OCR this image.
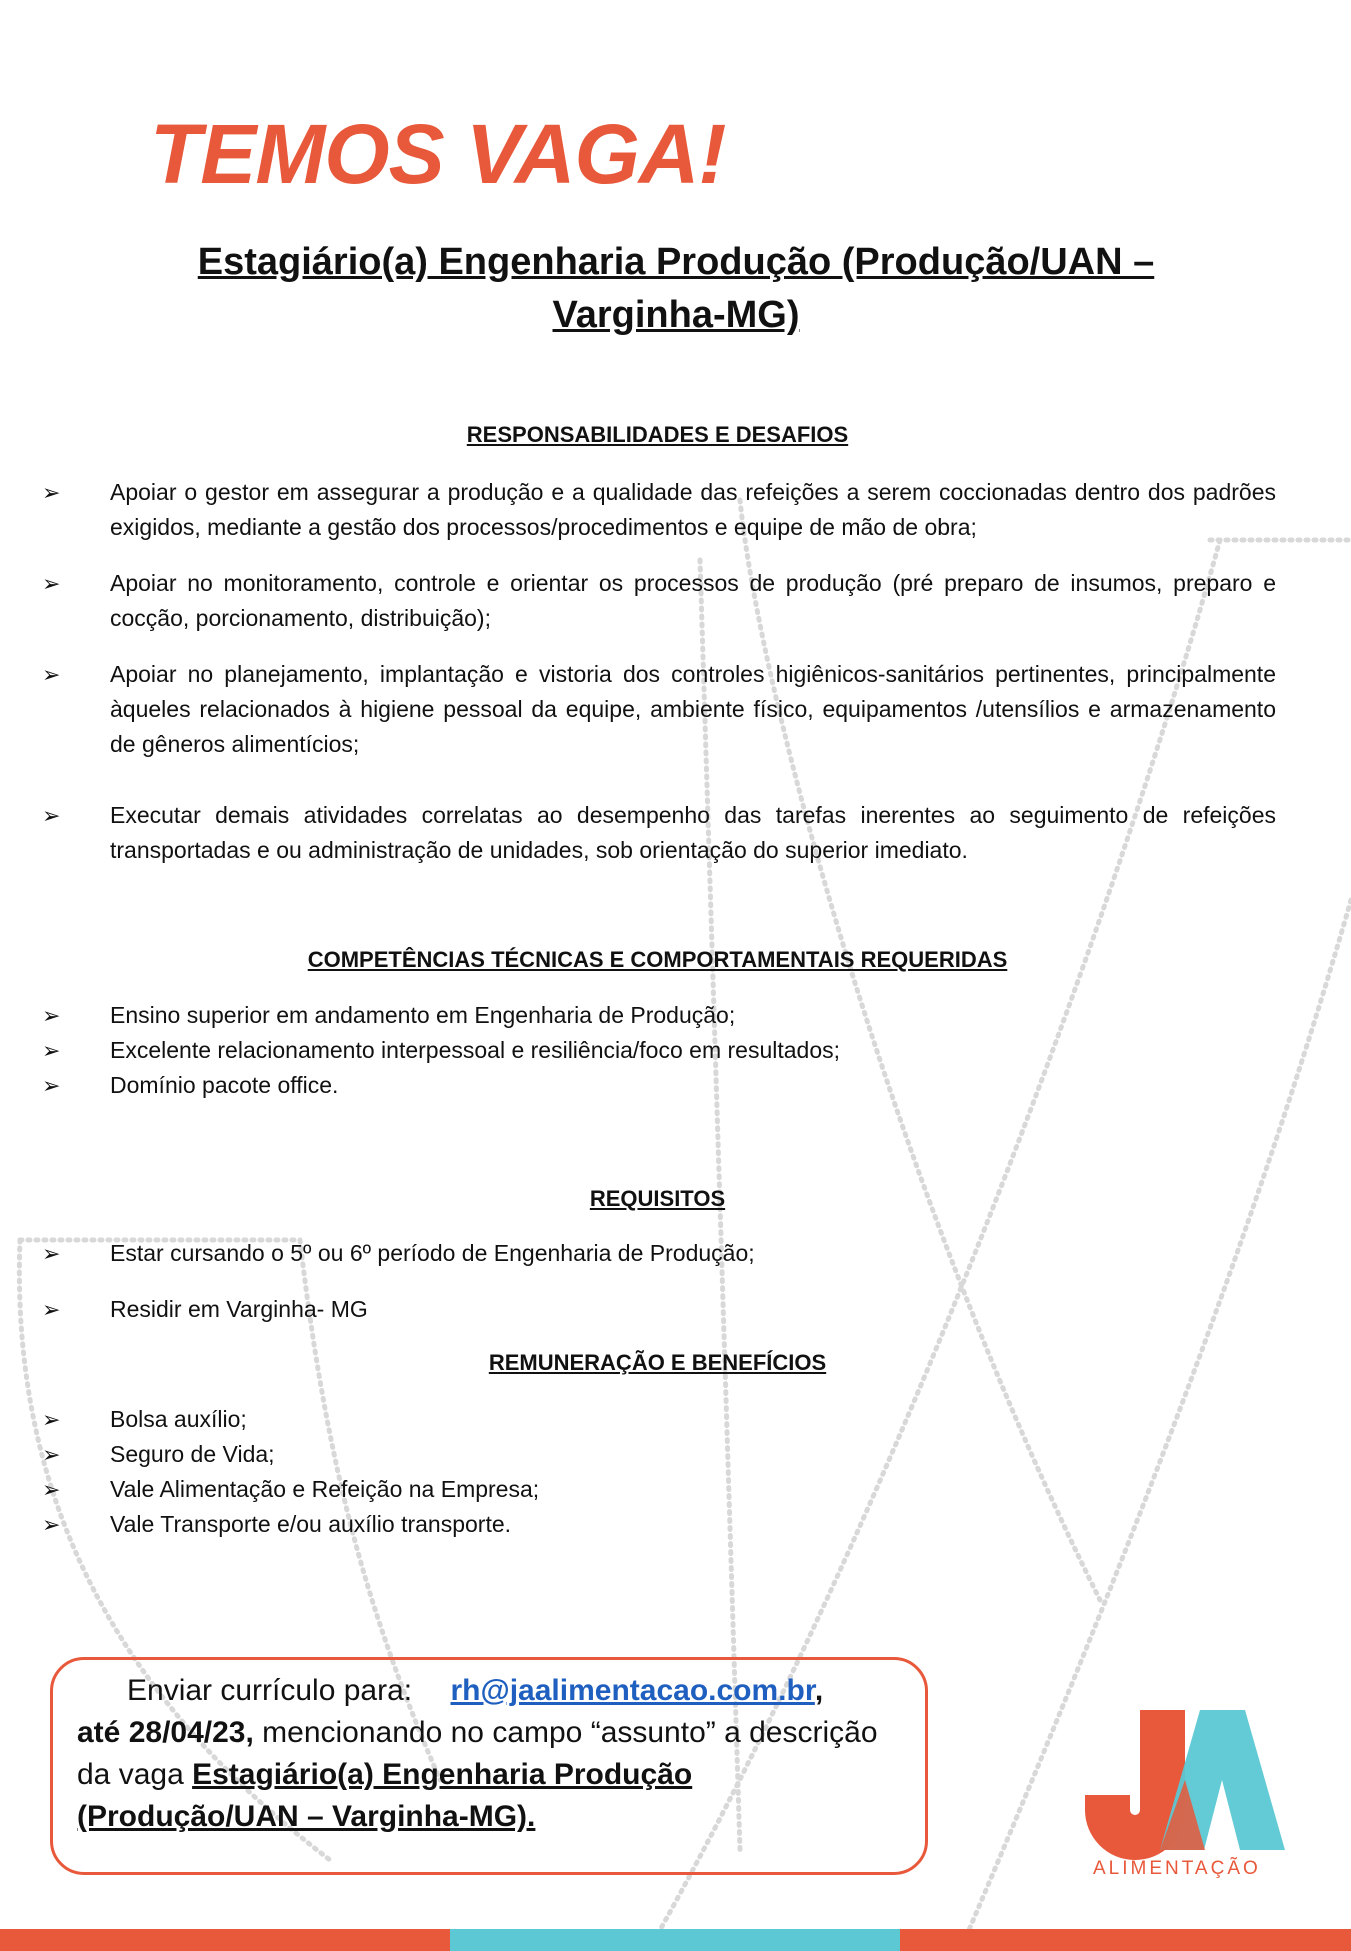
TEMOS VAGA!
Estagiário(a) Engenharia Produção (Produção/UAN – Varginha-MG)
RESPONSABILIDADES E DESAFIOS
➢ Apoiar o gestor em assegurar a produção e a qualidade das refeições a serem coccionadas dentro dos padrões exigidos, mediante a gestão dos processos/procedimentos e equipe de mão de obra;
➢ Apoiar no monitoramento, controle e orientar os processos de produção (pré preparo de insumos, preparo e cocção, porcionamento, distribuição);
➢ Apoiar no planejamento, implantação e vistoria dos controles higiênicos-sanitários pertinentes, principalmente àqueles relacionados à higiene pessoal da equipe, ambiente físico, equipamentos /utensílios e armazenamento de gêneros alimentícios;
➢ Executar demais atividades correlatas ao desempenho das tarefas inerentes ao seguimento de refeições transportadas e ou administração de unidades, sob orientação do superior imediato.
COMPETÊNCIAS TÉCNICAS E COMPORTAMENTAIS REQUERIDAS
➢ Ensino superior em andamento em Engenharia de Produção;
➢ Excelente relacionamento interpessoal e resiliência/foco em resultados;
➢ Domínio pacote office.
REQUISITOS
➢ Estar cursando o 5º ou 6º período de Engenharia de Produção;
➢ Residir em Varginha- MG
REMUNERAÇÃO E BENEFÍCIOS
➢ Bolsa auxílio;
➢ Seguro de Vida;
➢ Vale Alimentação e Refeição na Empresa;
➢ Vale Transporte e/ou auxílio transporte.
Enviar currículo para: rh@jaalimentacao.com.br,
até 28/04/23, mencionando no campo “assunto” a descrição da vaga Estagiário(a) Engenharia Produção (Produção/UAN – Varginha-MG).

ALIMENTAÇÃO
